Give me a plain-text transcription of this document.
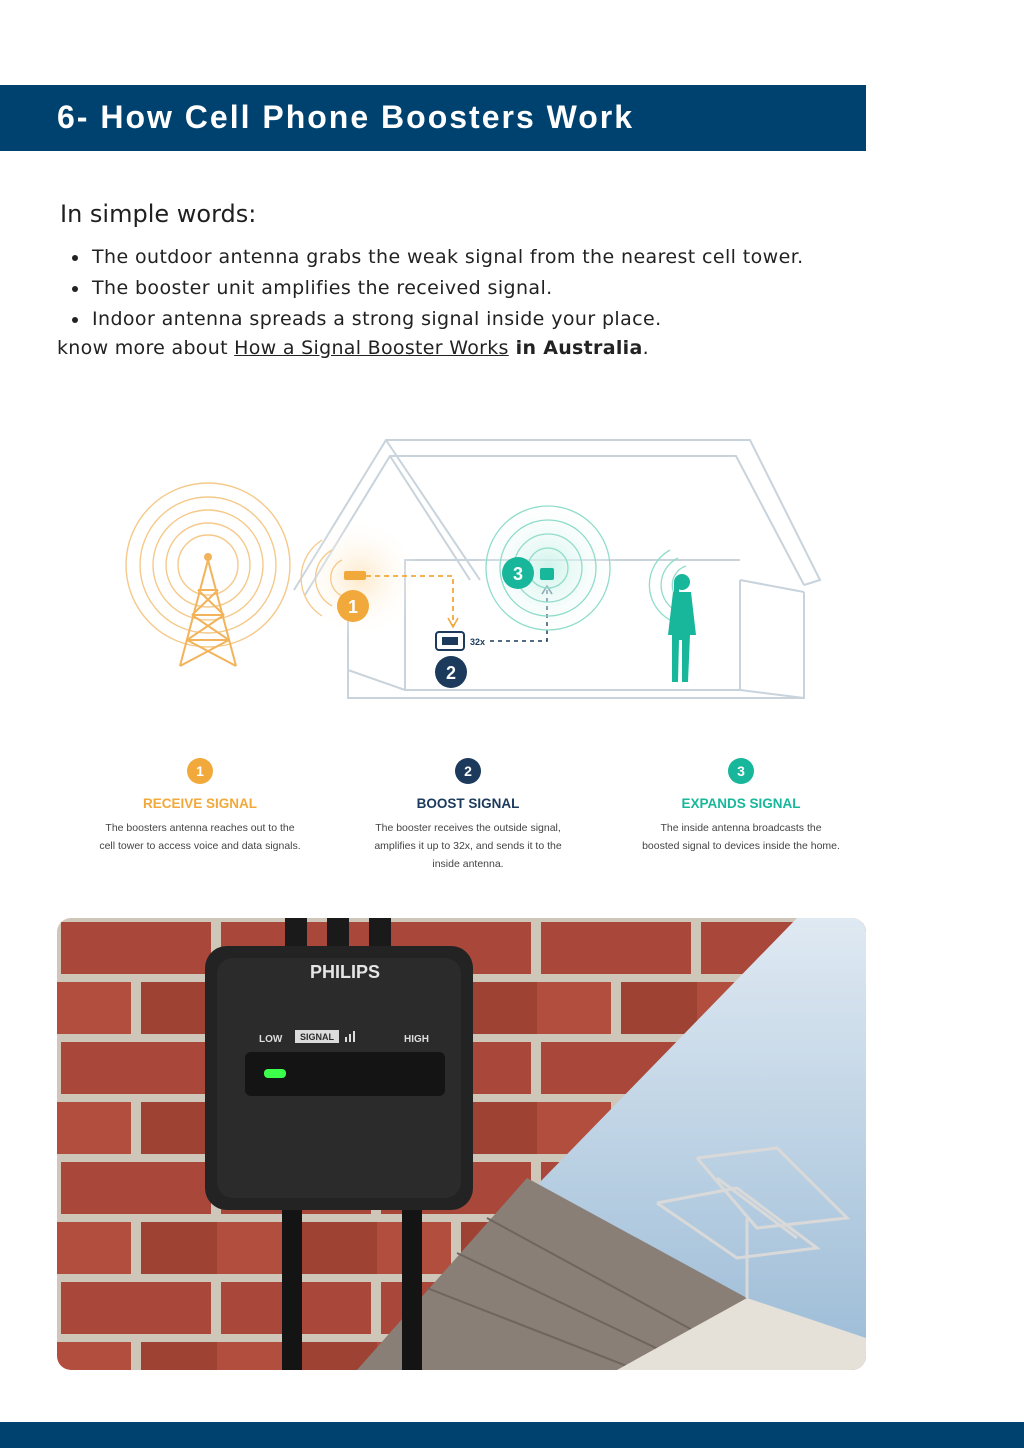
6- How Cell Phone Boosters Work
In simple words:
The outdoor antenna grabs the weak signal from the nearest cell tower.
The booster unit amplifies the received signal.
Indoor antenna spreads a strong signal inside your place.
know more about How a Signal Booster Works in Australia.
1
32x
2
3
1
RECEIVE SIGNAL
The boosters antenna reaches out to the
cell tower to access voice and data signals.
2
BOOST SIGNAL
The booster receives the outside signal,
amplifies it up to 32x, and sends it to the
inside antenna.
3
EXPANDS SIGNAL
The inside antenna broadcasts the
boosted signal to devices inside the home.
PHILIPS
LOW SIGNAL	HIGH
